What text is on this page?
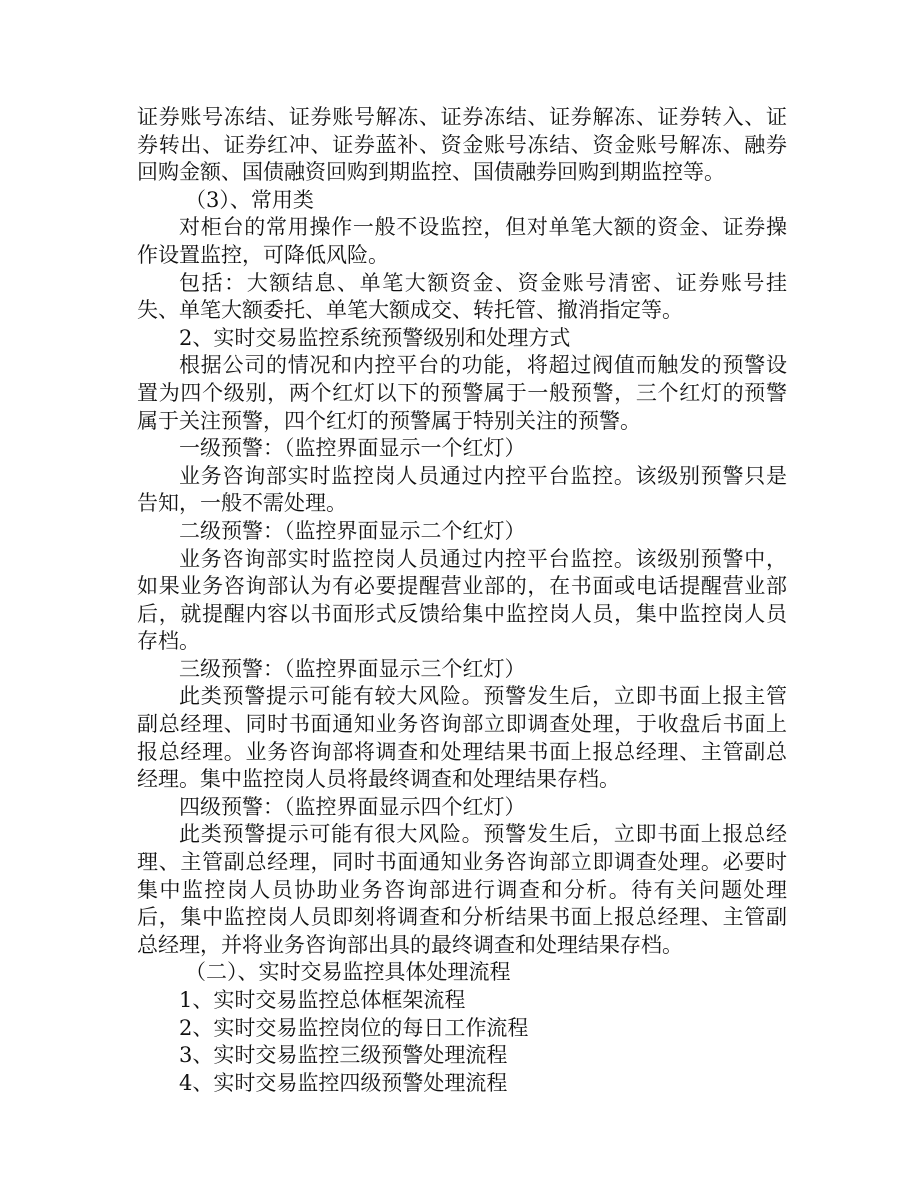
证券账号冻结、证券账号解冻、证券冻结、证券解冻、证券转入、证券转出、证券红冲、证券蓝补、资金账号冻结、资金账号解冻、融券回购金额、国债融资回购到期监控、国债融券回购到期监控等。

（3）、常用类

对柜台的常用操作一般不设监控，但对单笔大额的资金、证券操作设置监控，可降低风险。

包括：大额结息、单笔大额资金、资金账号清密、证券账号挂失、单笔大额委托、单笔大额成交、转托管、撤消指定等。

2、实时交易监控系统预警级别和处理方式

根据公司的情况和内控平台的功能，将超过阀值而触发的预警设置为四个级别，两个红灯以下的预警属于一般预警，三个红灯的预警属于关注预警，四个红灯的预警属于特别关注的预警。

一级预警：（监控界面显示一个红灯）

业务咨询部实时监控岗人员通过内控平台监控。该级别预警只是告知，一般不需处理。

二级预警：（监控界面显示二个红灯）

业务咨询部实时监控岗人员通过内控平台监控。该级别预警中，如果业务咨询部认为有必要提醒营业部的，在书面或电话提醒营业部后，就提醒内容以书面形式反馈给集中监控岗人员，集中监控岗人员存档。

三级预警：（监控界面显示三个红灯）

此类预警提示可能有较大风险。预警发生后，立即书面上报主管副总经理、同时书面通知业务咨询部立即调查处理，于收盘后书面上报总经理。业务咨询部将调查和处理结果书面上报总经理、主管副总经理。集中监控岗人员将最终调查和处理结果存档。

四级预警：（监控界面显示四个红灯）

此类预警提示可能有很大风险。预警发生后，立即书面上报总经理、主管副总经理，同时书面通知业务咨询部立即调查处理。必要时集中监控岗人员协助业务咨询部进行调查和分析。待有关问题处理后，集中监控岗人员即刻将调查和分析结果书面上报总经理、主管副总经理，并将业务咨询部出具的最终调查和处理结果存档。

（二）、实时交易监控具体处理流程

1、实时交易监控总体框架流程

2、实时交易监控岗位的每日工作流程

3、实时交易监控三级预警处理流程

4、实时交易监控四级预警处理流程
